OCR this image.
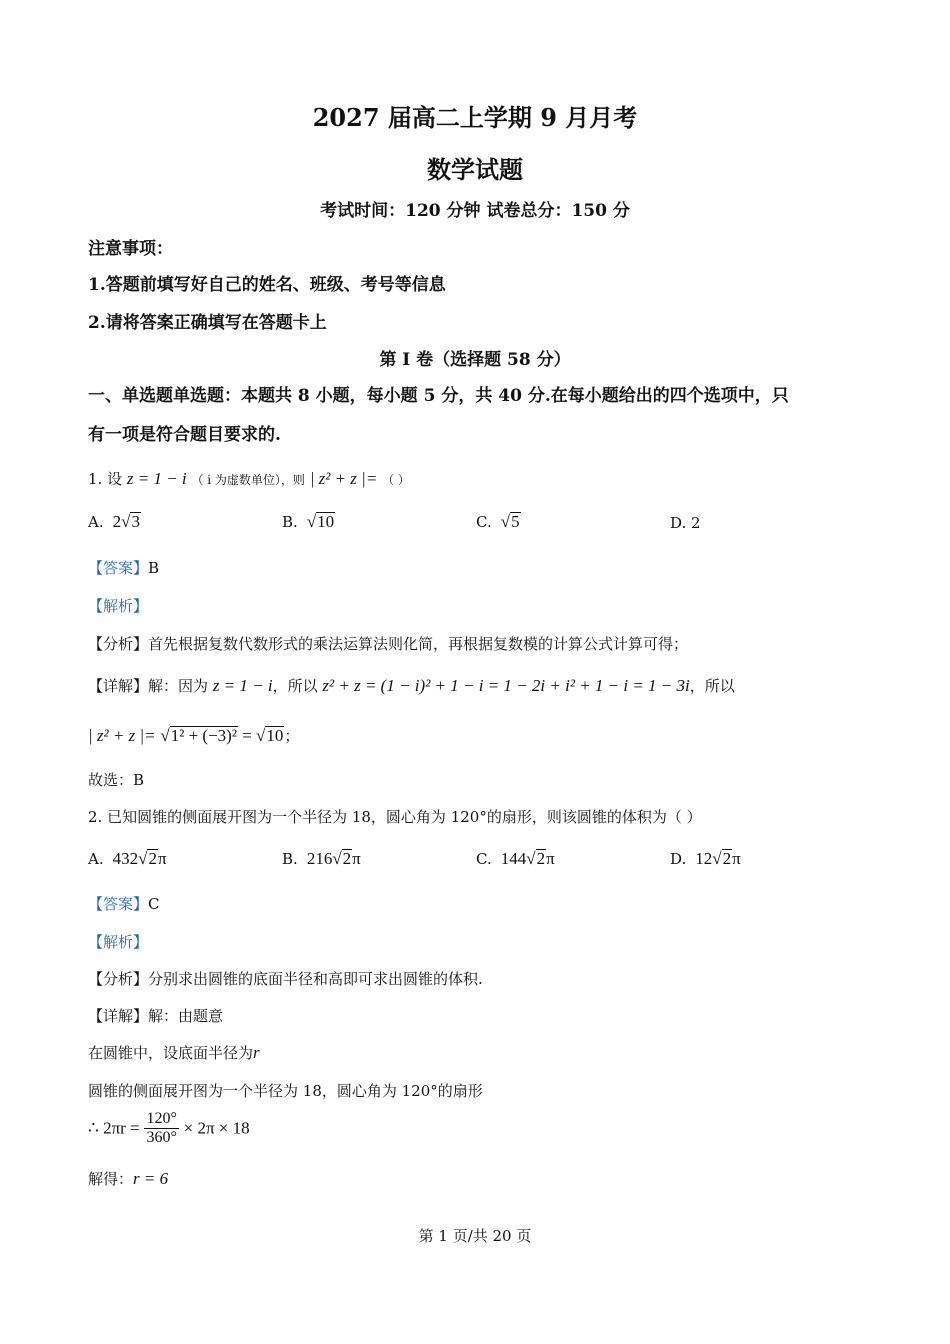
2027 届高二上学期 9 月月考
数学试题
考试时间：120 分钟 试卷总分：150 分
注意事项：
1.答题前填写好自己的姓名、班级、考号等信息
2.请将答案正确填写在答题卡上
第 I 卷（选择题 58 分）
一、单选题单选题：本题共 8 小题，每小题 5 分，共 40 分.在每小题给出的四个选项中，只
有一项是符合题目要求的.
1. 设 z = 1 − i （ i 为虚数单位），则 | z² + z |= （ ）
A. 2√3	B.  √10	C.  √5	D. 2
【答案】B
【解析】
【分析】首先根据复数代数形式的乘法运算法则化简，再根据复数模的计算公式计算可得；
【详解】解：因为 z = 1 − i，所以 z² + z = (1 − i)² + 1 − i = 1 − 2i + i² + 1 − i = 1 − 3i，所以
| z² + z |= √1² + (−3)² = √10；
故选：B
2. 已知圆锥的侧面展开图为一个半径为 18，圆心角为 120°的扇形，则该圆锥的体积为（ ）
A. 432√2π	B. 216√2π	C. 144√2π	D. 12√2π
【答案】C
【解析】
【分析】分别求出圆锥的底面半径和高即可求出圆锥的体积.
【详解】解：由题意
在圆锥中，设底面半径为r
圆锥的侧面展开图为一个半径为 18，圆心角为 120°的扇形
∴ $2\pi r = \frac{120^\circ}{360^\circ} \times 2\pi \times 18$
解得：r = 6
第 1 页/共 20 页
